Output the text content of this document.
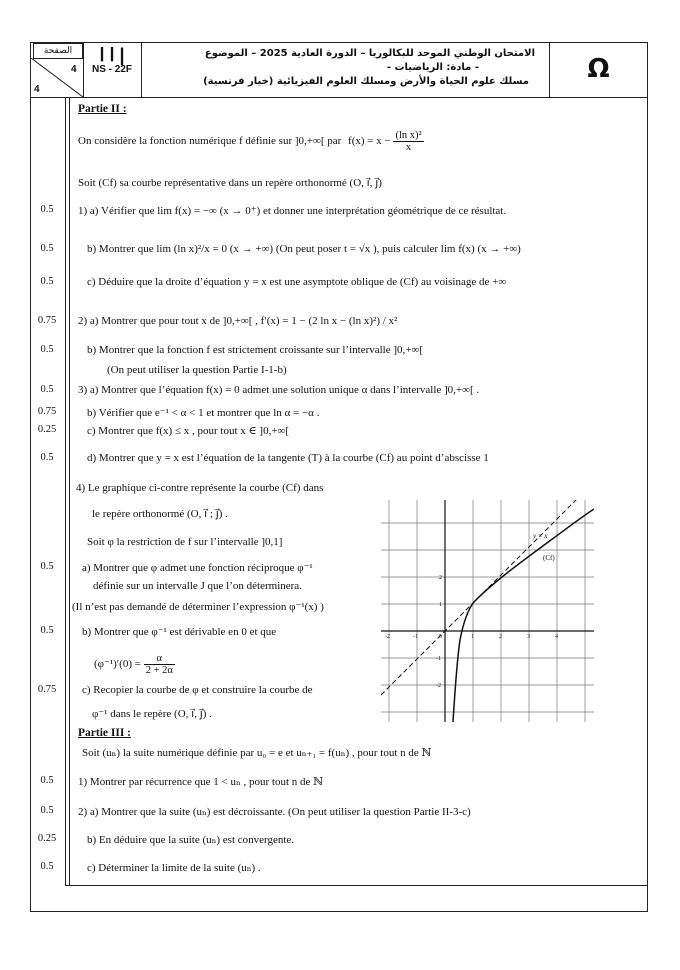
الصفحة
4
4
ا ا |
NS - 22F
الامتحان الوطني الموحد للبكالوريا – الدورة العادية 2025 – الموضوع
- مادة: الرياضيات -
مسلك علوم الحياة والأرض ومسلك العلوم الفيزيائية (خيار فرنسية)	Ω
Partie II :
On considère la fonction numérique f définie sur ]0,+∞[ par $f(x) = x - \frac{\text{(ln x)²}}{x}$
Soit (Cf) sa courbe représentative dans un repère orthonormé (O, i⃗, j⃗)
0.5	1) a) Vérifier que lim f(x) = −∞ (x → 0⁺) et donner une interprétation géométrique de ce résultat.
0.5	b) Montrer que lim (ln x)²/x = 0 (x → +∞) (On peut poser t = √x ), puis calculer lim f(x) (x → +∞)
0.5	c) Déduire que la droite d’équation y = x est une asymptote oblique de (Cf) au voisinage de +∞
0.75	2) a) Montrer que pour tout x de ]0,+∞[ , f′(x) = 1 − (2 ln x − (ln x)²) / x²
0.5	b) Montrer que la fonction f est strictement croissante sur l’intervalle ]0,+∞[
(On peut utiliser la question Partie I-1-b)
0.5	3) a) Montrer que l’équation f(x) = 0 admet une solution unique α dans l’intervalle ]0,+∞[ .
0.75	b) Vérifier que e⁻¹ < α < 1 et montrer que ln α = −α .
0.25	c) Montrer que f(x) ≤ x , pour tout x ∈ ]0,+∞[
0.5	d) Montrer que y = x est l’équation de la tangente (T) à la courbe (Cf) au point d’abscisse 1
4) Le graphique ci-contre représente la courbe (Cf) dans
le repère orthonormé (O, i⃗ ; j⃗) .
Soit φ la restriction de f sur l’intervalle ]0,1]
0.5	a) Montrer que φ admet une fonction réciproque φ⁻¹
définie sur un intervalle J que l’on déterminera.
(Il n’est pas demandé de déterminer l’expression φ⁻¹(x) )
0.5	b) Montrer que φ⁻¹ est dérivable en 0 et que
$(\varphi^{-1})'(0) = \frac{\alpha}{2 + 2\alpha}$
0.75	c) Recopier la courbe de φ et construire la courbe de
φ⁻¹ dans le repère (O, i⃗, j⃗) .
y = x
(Cf)
-2	-1	0	1	2	3	4
2
1
-1
-2
Partie III :
Soit (uₙ) la suite numérique définie par u₀ = e et uₙ₊₁ = f(uₙ) , pour tout n de ℕ
0.5	1) Montrer par récurrence que 1 < uₙ , pour tout n de ℕ
0.5	2) a) Montrer que la suite (uₙ) est décroissante. (On peut utiliser la question Partie II-3-c)
0.25	b) En déduire que la suite (uₙ) est convergente.
0.5	c) Déterminer la limite de la suite (uₙ) .
